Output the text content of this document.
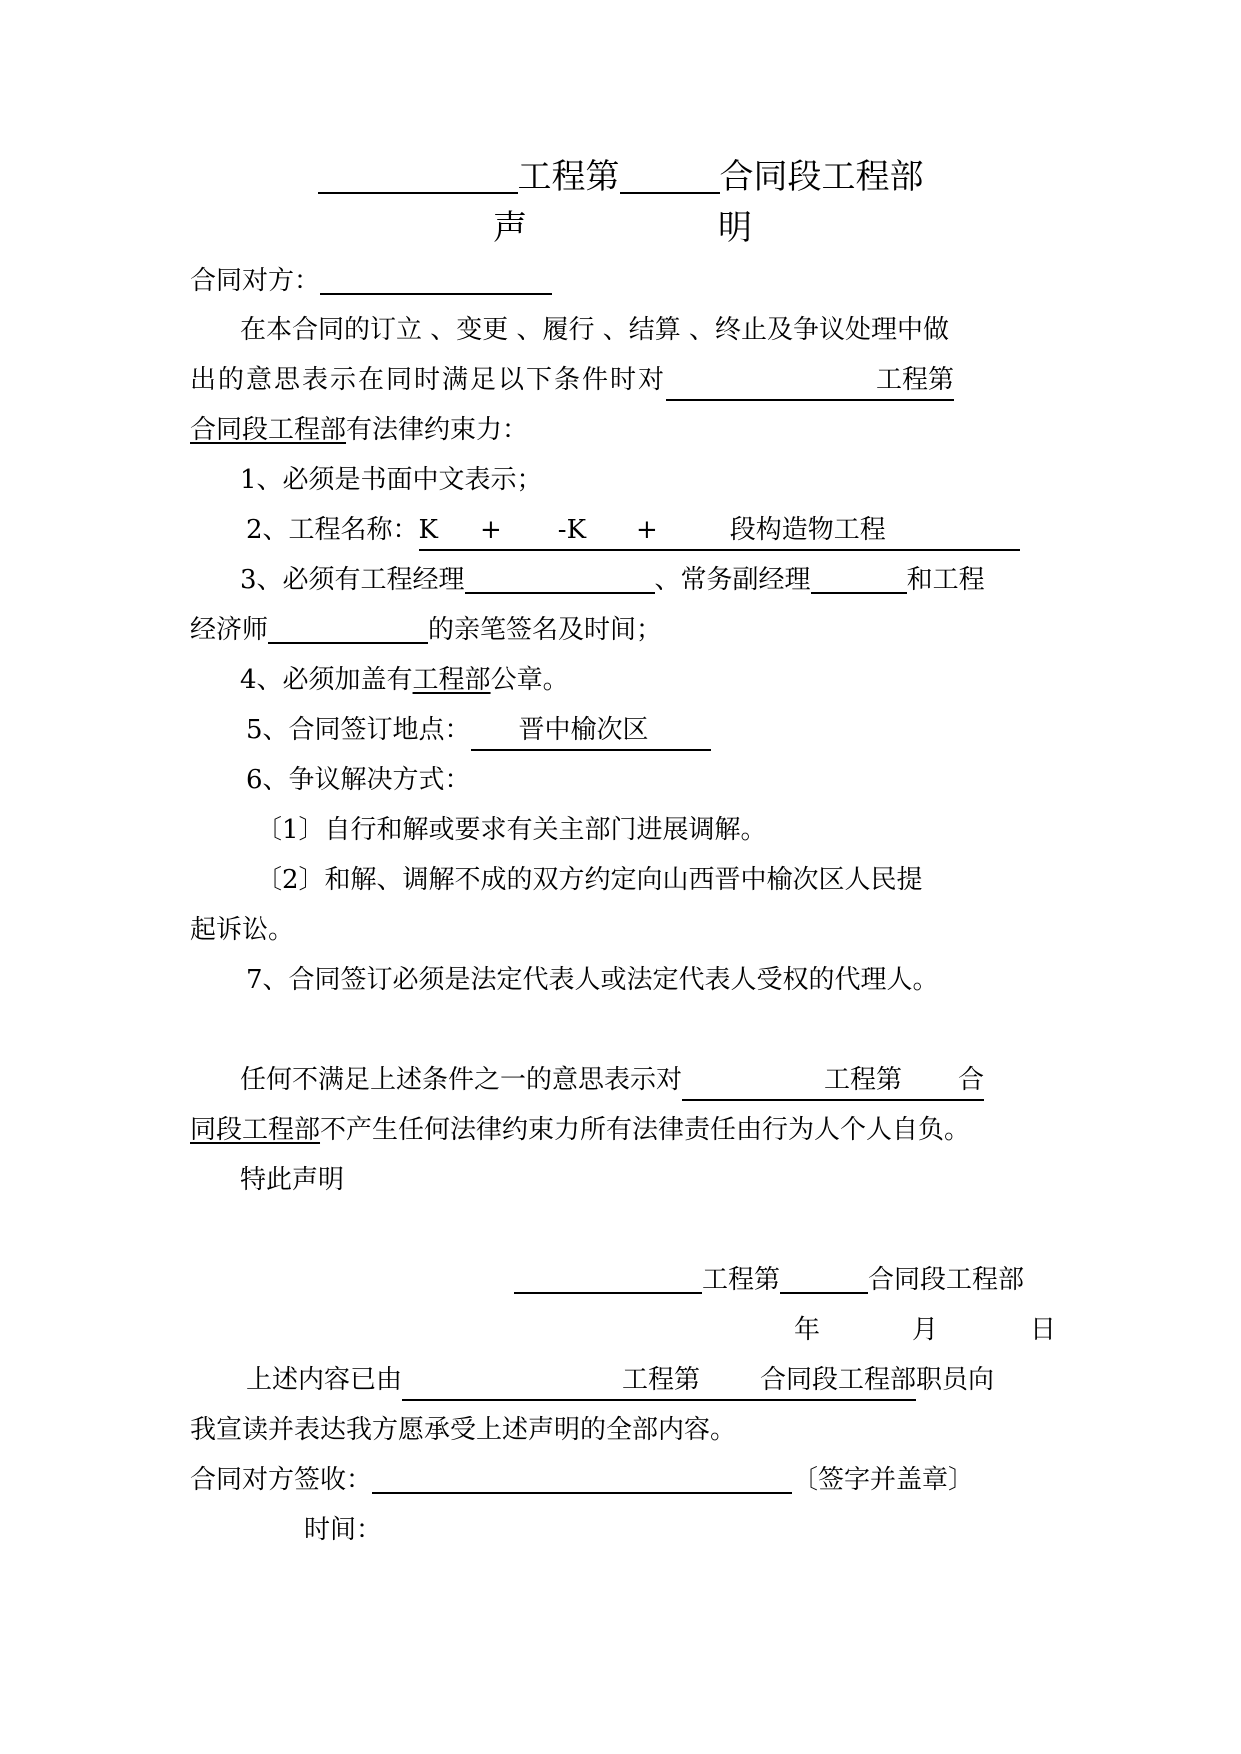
工程第	合同段工程部
声	明
合同对方：
在本合同的订立 、变更 、履行 、结算 、终止及争议处理中做
出的意思表示在同时满足以下条件时对	工程第
合同段工程部有法律约束力：
1、必须是书面中文表示；
2、工程名称：K + -K +	段构造物工程
3、必须有工程经理	、常务副经理	和工程
经济师	的亲笔签名及时间；
4、必须加盖有工程部公章。
5、合同签订地点： 晋中榆次区
6、争议解决方式：
〔1〕自行和解或要求有关主部门进展调解。
〔2〕和解、调解不成的双方约定向山西晋中榆次区人民提
起诉讼。
7、合同签订必须是法定代表人或法定代表人受权的代理人。
任何不满足上述条件之一的意思表示对	工程第 合
同段工程部不产生任何法律约束力所有法律责任由行为人个人自负。
特此声明
工程第	合同段工程部
年	月	日
上述内容已由	工程第 合同段工程部职员向
我宣读并表达我方愿承受上述声明的全部内容。
合同对方签收：	〔签字并盖章〕
时间：
